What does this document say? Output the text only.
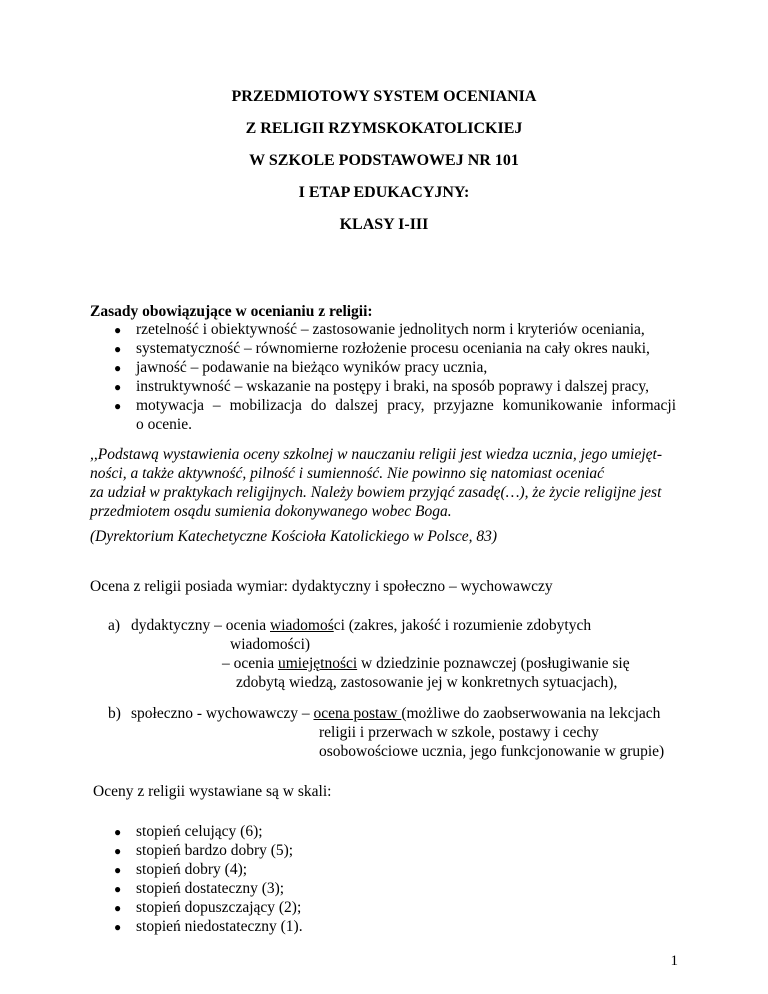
PRZEDMIOTOWY SYSTEM OCENIANIA
Z RELIGII RZYMSKOKATOLICKIEJ
W SZKOLE PODSTAWOWEJ NR 101
I ETAP EDUKACYJNY:
KLASY I-III
Zasady obowiązujące w ocenianiu z religii:
● rzetelność i obiektywność – zastosowanie jednolitych norm i kryteriów oceniania,
● systematyczność – równomierne rozłożenie procesu oceniania na cały okres nauki,
● jawność – podawanie na bieżąco wyników pracy ucznia,
● instruktywność – wskazanie na postępy i braki, na sposób poprawy i dalszej pracy,
● motywacja – mobilizacja do dalszej pracy, przyjazne komunikowanie informacji
o ocenie.
,,Podstawą wystawienia oceny szkolnej w nauczaniu religii jest wiedza ucznia, jego umiejęt-
ności, a także aktywność, pilność i sumienność. Nie powinno się natomiast oceniać
za udział w praktykach religijnych. Należy bowiem przyjąć zasadę(…), że życie religijne jest
przedmiotem osądu sumienia dokonywanego wobec Boga.
(Dyrektorium Katechetyczne Kościoła Katolickiego w Polsce, 83)
Ocena z religii posiada wymiar: dydaktyczny i społeczno – wychowawczy
a) dydaktyczny – ocenia wiadomości (zakres, jakość i rozumienie zdobytych
wiadomości)
– ocenia umiejętności w dziedzinie poznawczej (posługiwanie się
zdobytą wiedzą, zastosowanie jej w konkretnych sytuacjach),
b) społeczno - wychowawczy – ocena postaw (możliwe do zaobserwowania na lekcjach
religii i przerwach w szkole, postawy i cechy
osobowościowe ucznia, jego funkcjonowanie w grupie)
Oceny z religii wystawiane są w skali:
● stopień celujący (6);
● stopień bardzo dobry (5);
● stopień dobry (4);
● stopień dostateczny (3);
● stopień dopuszczający (2);
● stopień niedostateczny (1).
1
